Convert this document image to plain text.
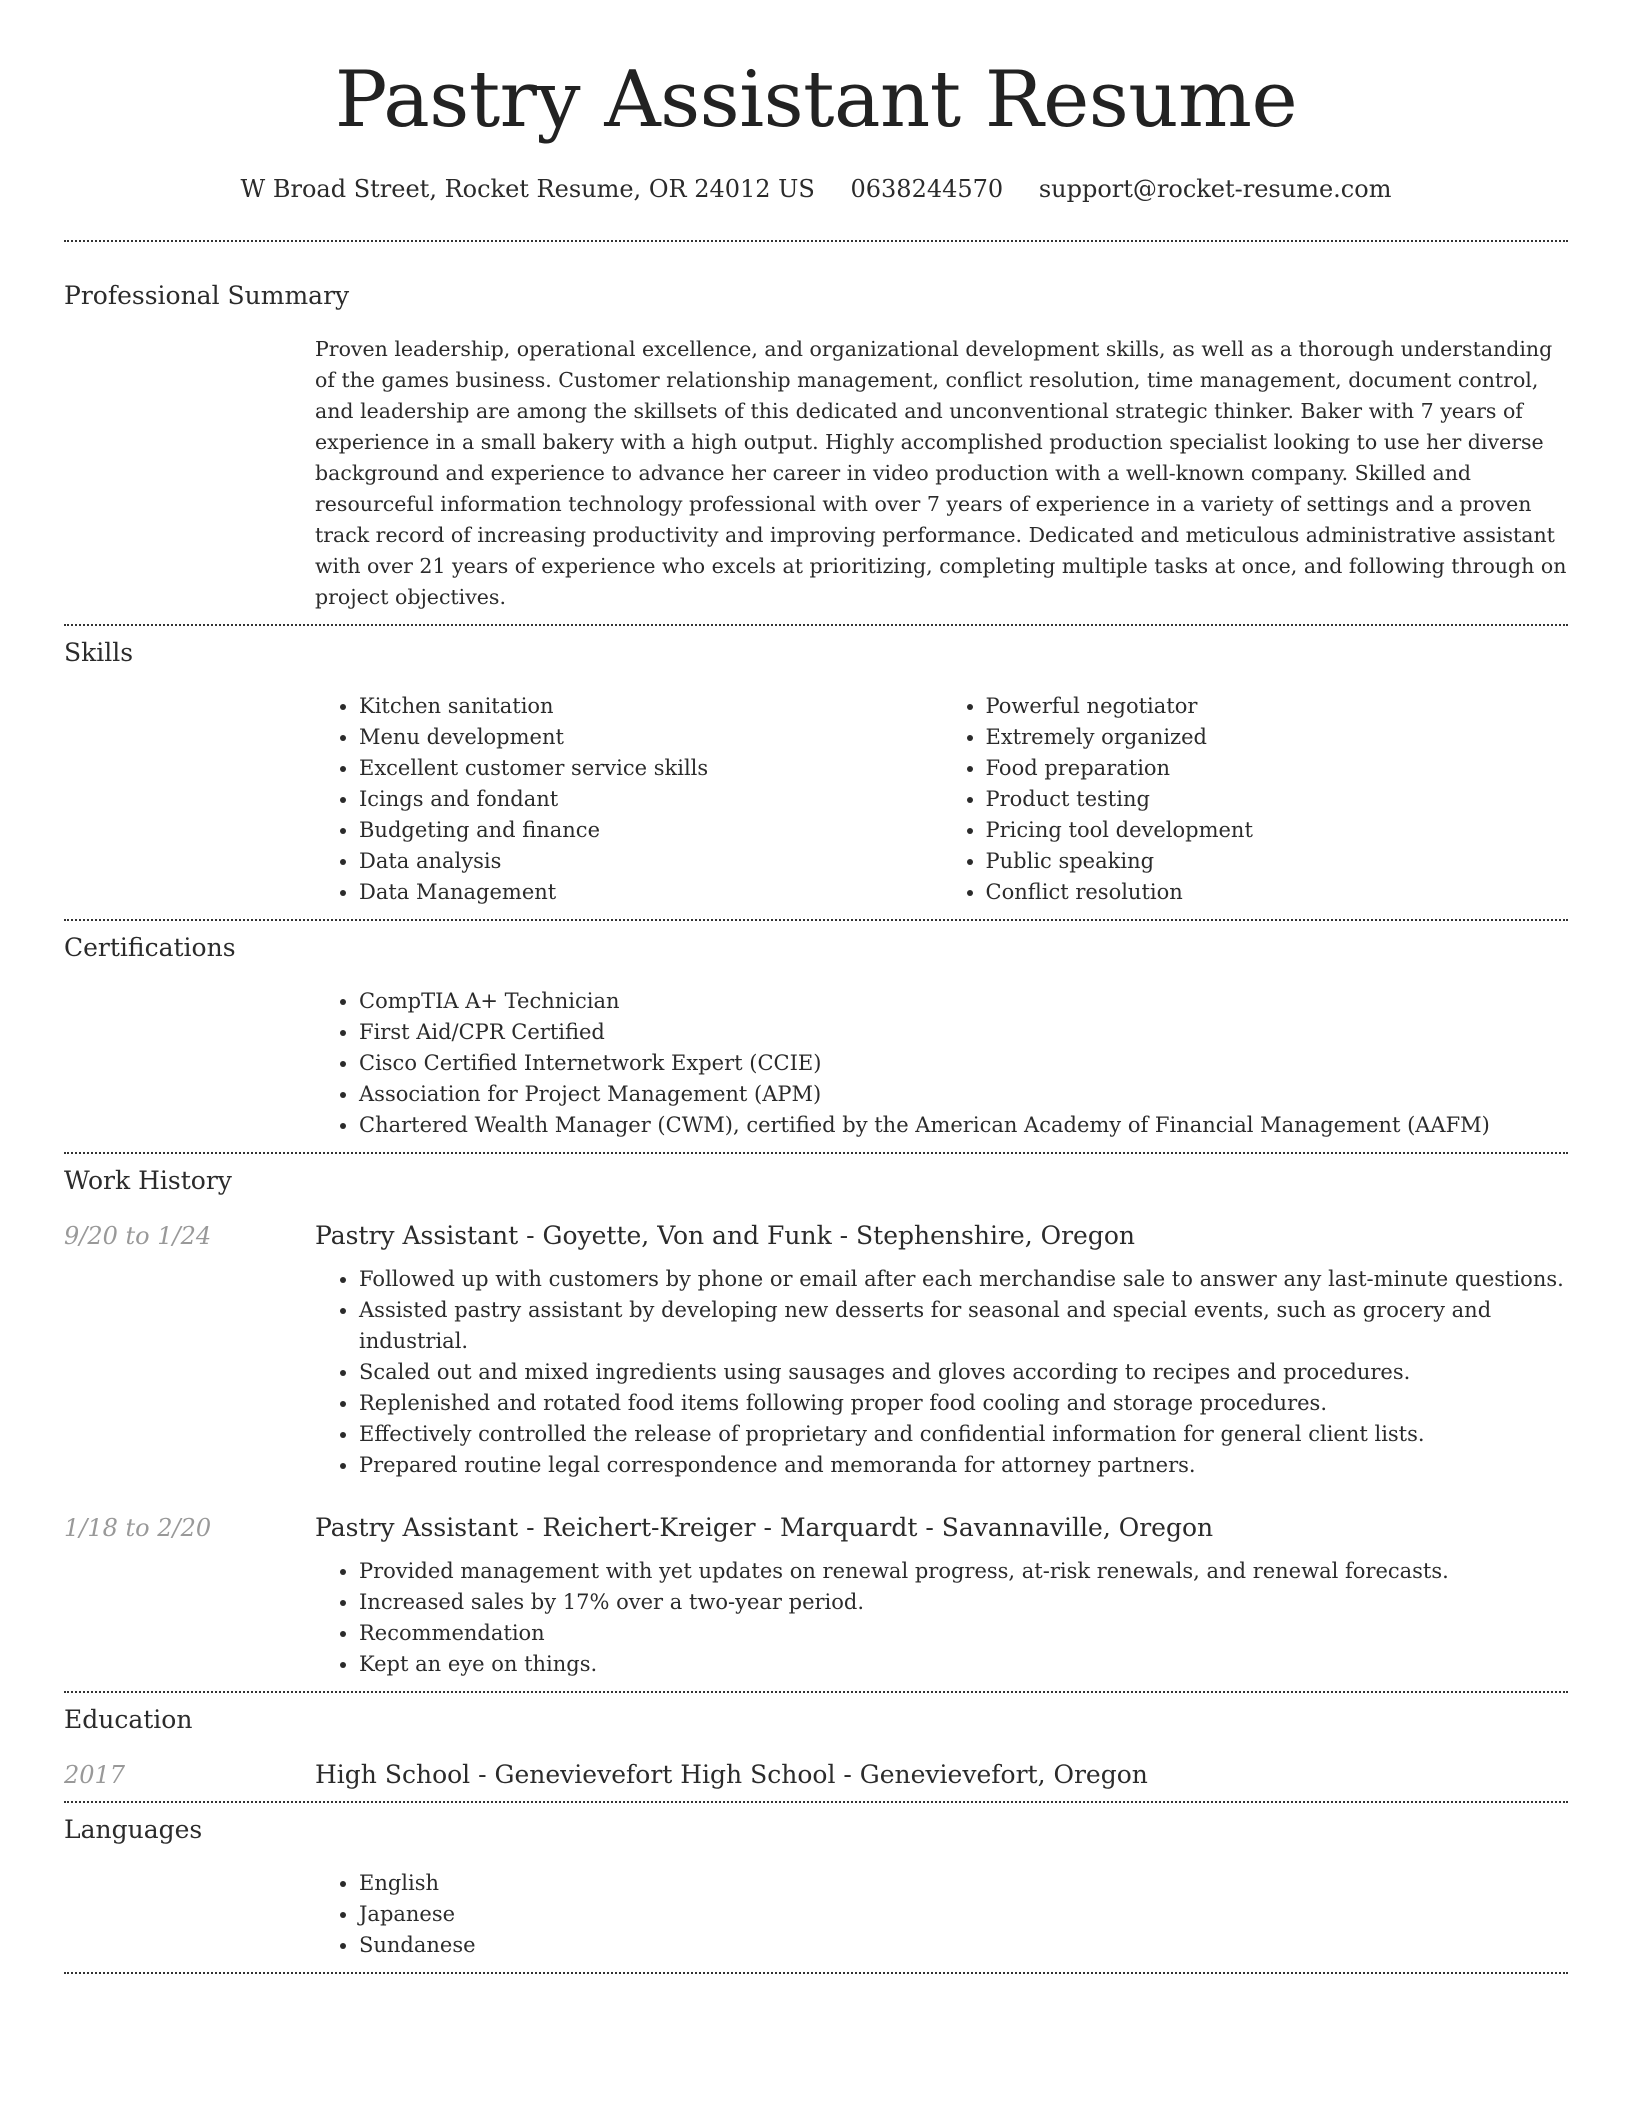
Pastry Assistant Resume
W Broad Street, Rocket Resume, OR 24012 US 0638244570 support@rocket-resume.com
Professional Summary

Proven leadership, operational excellence, and organizational development skills, as well as a thorough understanding of the games business. Customer relationship management, conflict resolution, time management, document control, and leadership are among the skillsets of this dedicated and unconventional strategic thinker. Baker with 7 years of experience in a small bakery with a high output. Highly accomplished production specialist looking to use her diverse background and experience to advance her career in video production with a well-known company. Skilled and resourceful information technology professional with over 7 years of experience in a variety of settings and a proven track record of increasing productivity and improving performance. Dedicated and meticulous administrative assistant with over 21 years of experience who excels at prioritizing, completing multiple tasks at once, and following through on project objectives.

Skills
• Kitchen sanitation
• Menu development
• Excellent customer service skills
• Icings and fondant
• Budgeting and finance
• Data analysis
• Data Management
• Powerful negotiator
• Extremely organized
• Food preparation
• Product testing
• Pricing tool development
• Public speaking
• Conflict resolution
Certifications
• CompTIA A+ Technician
• First Aid/CPR Certified
• Cisco Certified Internetwork Expert (CCIE)
• Association for Project Management (APM)
• Chartered Wealth Manager (CWM), certified by the American Academy of Financial Management (AAFM)
Work History
9/20 to 1/24	Pastry Assistant - Goyette, Von and Funk - Stephenshire, Oregon
• Followed up with customers by phone or email after each merchandise sale to answer any last-minute questions.
• Assisted pastry assistant by developing new desserts for seasonal and special events, such as grocery and industrial.
• Scaled out and mixed ingredients using sausages and gloves according to recipes and procedures.
• Replenished and rotated food items following proper food cooling and storage procedures.
• Effectively controlled the release of proprietary and confidential information for general client lists.
• Prepared routine legal correspondence and memoranda for attorney partners.
1/18 to 2/20	Pastry Assistant - Reichert-Kreiger - Marquardt - Savannaville, Oregon
• Provided management with yet updates on renewal progress, at-risk renewals, and renewal forecasts.
• Increased sales by 17% over a two-year period.
• Recommendation
• Kept an eye on things.
Education
2017	High School - Genevievefort High School - Genevievefort, Oregon
Languages
• English
• Japanese
• Sundanese
